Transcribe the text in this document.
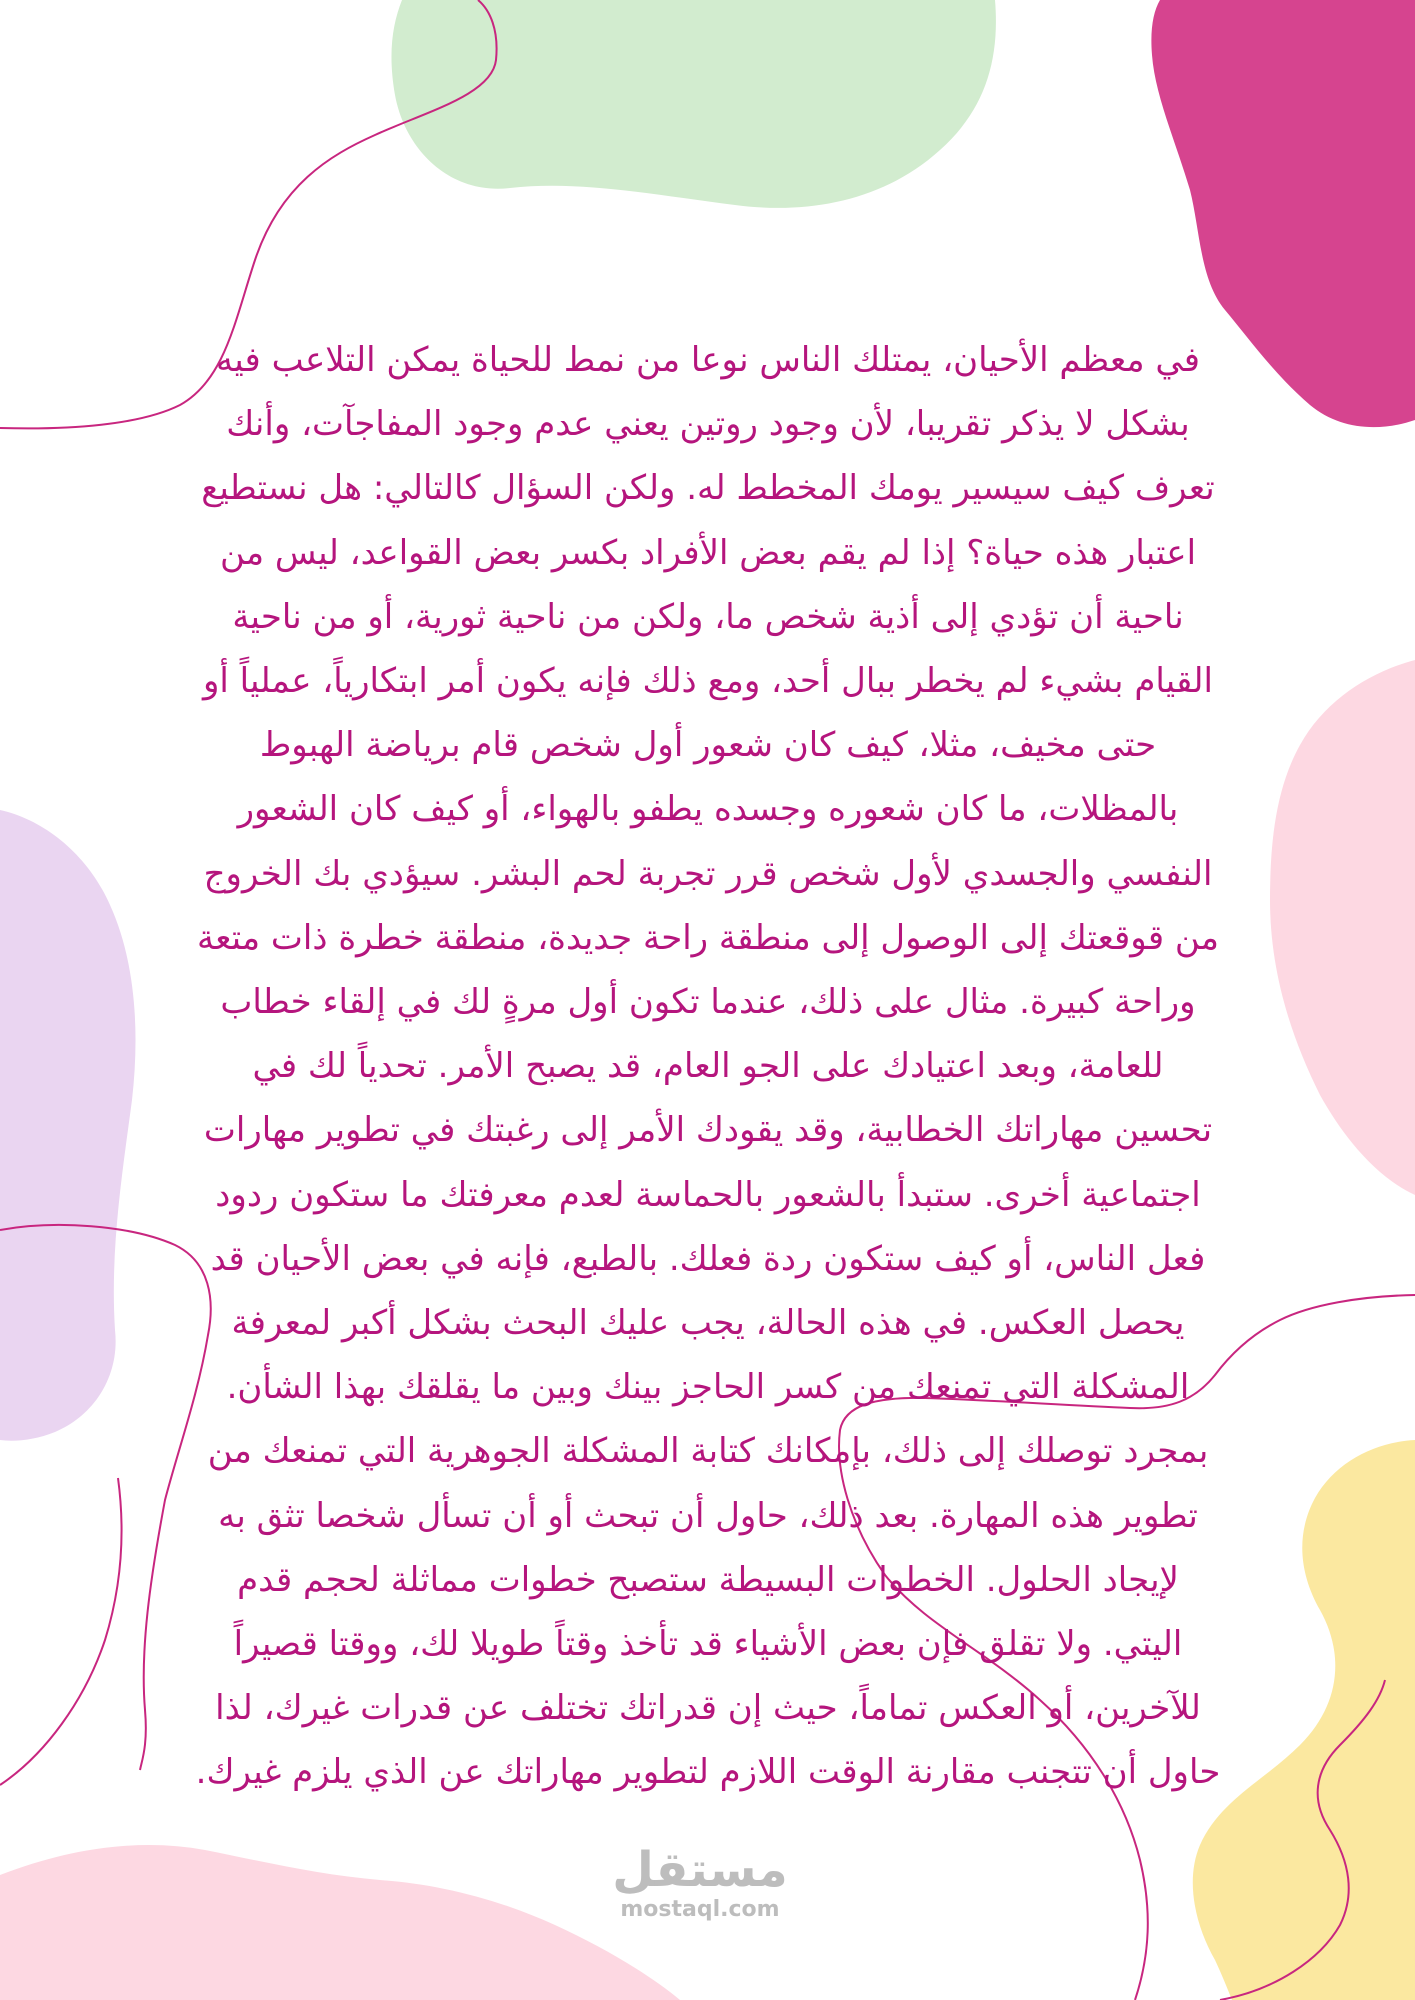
في معظم الأحيان، يمتلك الناس نوعا من نمط للحياة يمكن التلاعب فيه
بشكل لا يذكر تقريبا، لأن وجود روتين يعني عدم وجود المفاجآت، وأنك
تعرف كيف سيسير يومك المخطط له. ولكن السؤال كالتالي: هل نستطيع
اعتبار هذه حياة؟ إذا لم يقم بعض الأفراد بكسر بعض القواعد، ليس من
ناحية أن تؤدي إلى أذية شخص ما، ولكن من ناحية ثورية، أو من ناحية
القيام بشيء لم يخطر ببال أحد، ومع ذلك فإنه يكون أمر ابتكارياً، عملياً أو
حتى مخيف، مثلا، كيف كان شعور أول شخص قام برياضة الهبوط
بالمظلات، ما كان شعوره وجسده يطفو بالهواء، أو كيف كان الشعور
النفسي والجسدي لأول شخص قرر تجربة لحم البشر. سيؤدي بك الخروج
من قوقعتك إلى الوصول إلى منطقة راحة جديدة، منطقة خطرة ذات متعة
وراحة كبيرة. مثال على ذلك، عندما تكون أول مرةٍ لك في إلقاء خطاب
للعامة، وبعد اعتيادك على الجو العام، قد يصبح الأمر. تحدياً لك في
تحسين مهاراتك الخطابية، وقد يقودك الأمر إلى رغبتك في تطوير مهارات
اجتماعية أخرى. ستبدأ بالشعور بالحماسة لعدم معرفتك ما ستكون ردود
فعل الناس، أو كيف ستكون ردة فعلك. بالطبع، فإنه في بعض الأحيان قد
يحصل العكس. في هذه الحالة، يجب عليك البحث بشكل أكبر لمعرفة
المشكلة التي تمنعك من كسر الحاجز بينك وبين ما يقلقك بهذا الشأن.
بمجرد توصلك إلى ذلك، بإمكانك كتابة المشكلة الجوهرية التي تمنعك من
تطوير هذه المهارة. بعد ذلك، حاول أن تبحث أو أن تسأل شخصا تثق به
لإيجاد الحلول. الخطوات البسيطة ستصبح خطوات مماثلة لحجم قدم
اليتي. ولا تقلق فإن بعض الأشياء قد تأخذ وقتاً طويلا لك، ووقتا قصيراً
للآخرين، أو العكس تماماً، حيث إن قدراتك تختلف عن قدرات غيرك، لذا
حاول أن تتجنب مقارنة الوقت اللازم لتطوير مهاراتك عن الذي يلزم غيرك.
مستقل
mostaql.com
